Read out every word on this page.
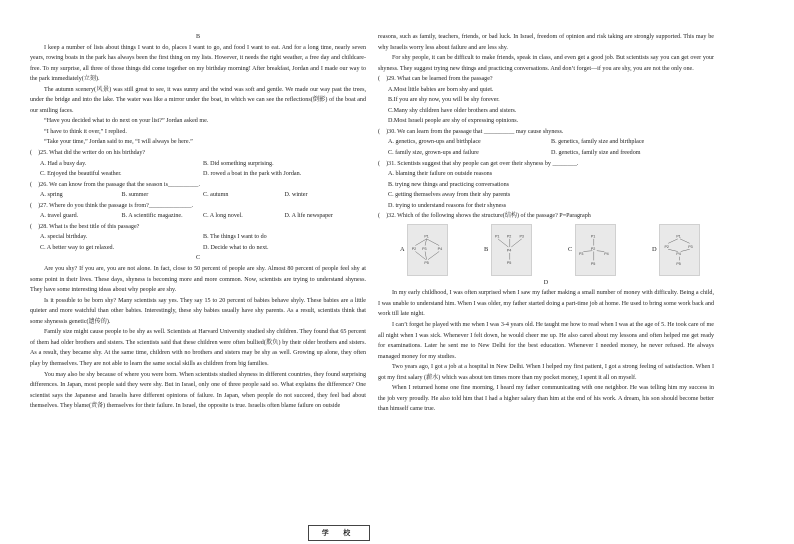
B

I keep a number of lists about things I want to do, places I want to go, and food I want to eat. And for a long time, nearly seven years, rowing boats in the park has always been the first thing on my lists. However, it needs the right weather, a free day and childcare-free. To my surprise, all three of those things did come together on my birthday morning! After breakfast, Jordan and I made our way to the park immediately(立刻).

The autumn scenery(风景) was still great to see, it was sunny and the wind was soft and gentle. We made our way past the trees, under the bridge and into the lake. The water was like a mirror under the boat, in which we can see the reflections(倒影) of the boat and our smiling faces.

“Have you decided what to do next on your list?” Jordan asked me.

“I have to think it over,” I replied.

“Take your time,” Jordan said to me, “I will always be here.”

(　)25. What did the writer do on his birthday?

A. Had a busy day.	B. Did something surprising.
C. Enjoyed the beautiful weather.	D. rowed a boat in the park with Jordan.

(　)26. We can know from the passage that the season is__________.

A. spring	B. summer	C. autumn	D. winter

(　)27. Where do you think the passage is from?______________.

A. travel guard.	B. A scientific magazine.	C. A long novel.	D. A life newspaper

(　)28. What is the best title of this passage?

A. special birthday.	B. The things I want to do
C. A better way to get relaxed.	D. Decide what to do next.

C

Are you shy? If you are, you are not alone. In fact, close to 50 percent of people are shy. Almost 80 percent of people feel shy at some point in their lives. These days, shyness is becoming more and more common. Now, scientists are trying to understand shyness. They have some interesting ideas about why people are shy.

Is it possible to be born shy? Many scientists say yes. They say 15 to 20 percent of babies behave shyly. These babies are a little quieter and more watchful than other babies. Interestingly, these shy babies usually have shy parents. As a result, scientists think that some shynessis genetic(遗传的).

Family size might cause people to be shy as well. Scientists at Harvard University studied shy children. They found that 65 percent of them had older brothers and sisters. The scientists said that these children were often bullied(欺负) by their older brothers and sisters. As a result, they became shy. At the same time, children with no brothers and sisters may be shy as well. Growing up alone, they often play by themselves. They are not able to learn the same social skills as children from big families.

You may also be shy because of where you were born. When scientists studied shyness in different countries, they found surprising differences. In Japan, most people said they were shy. But in Israel, only one of three people said so. What explains the difference? One scientist says the Japanese and Israelis have different opinions of failure. In Japan, when people do not succeed, they feel bad about themselves. They blame(责备) themselves for their failure. In Israel, the opposite is true. Israelis often blame failure on outside

reasons, such as family, teachers, friends, or bad luck. In Israel, freedom of opinion and risk taking are strongly supported. This may be why Israelis worry less about failure and are less shy.

For shy people, it can be difficult to make friends, speak in class, and even get a good job. But scientists say you can get over your shyness. They suggest trying new things and practicing conversations. And don’t forget—if you are shy, you are not the only one.

(　)29. What can be learned from the passage?

A.Most little babies are born shy and quiet.

B.If you are shy now, you will be shy forever.

C.Many shy children have older brothers and sisters.

D.Most Israeli people are shy of expressing opinions.

(　)30. We can learn from the passage that __________ may cause shyness.

A. genetics, grown-ups and birthplace	B. genetics, family size and birthplace
C. family size, grown-ups and failure	D. genetics, family size and freedom

(　)31. Scientists suggest that shy people can get over their shyness by ________.

A. blaming their failure on outside reasons

B. trying new things and practicing conversations

C. getting themselves away from their shy parents

D. trying to understand reasons for their shyness

(　)32. Which of the following shows the structure(结构) of the passage? P=Paragraph

A
P1
P2 P3 P4
P5
B
P1 P2 P3
P4
P5
C
P1
P2
P3	P4
P5
D
P1
P2	P3
P4
P5

D

In my early childhood, I was often surprised when I saw my father making a small number of money with difficulty. Being a child, I was unable to understand him. When I was older, my father started doing a part-time job at home. He used to bring some work back and work till late night.

I can’t forget he played with me when I was 3-4 years old. He taught me how to read when I was at the age of 5. He took care of me all night when I was sick. Whenever I felt down, he would cheer me up. He also cared about my lessons and often helped me get ready for examinations. Later he sent me to New Delhi for the best education. Whenever I needed money, he never refused. He always managed money for my studies.

Two years ago, I got a job at a hospital in New Delhi. When I helped my first patient, I got a strong feeling of satisfaction. When I got my first salary (薪水) which was about ten times more than my pocket money, I spent it all on myself.

When I returned home one fine morning, I heard my father communicating with one neighbor. He was telling him my success in the job very proudly. He also told him that I had a higher salary than him at the end of his work. A dream, his son should become better than himself came true.

学 校
